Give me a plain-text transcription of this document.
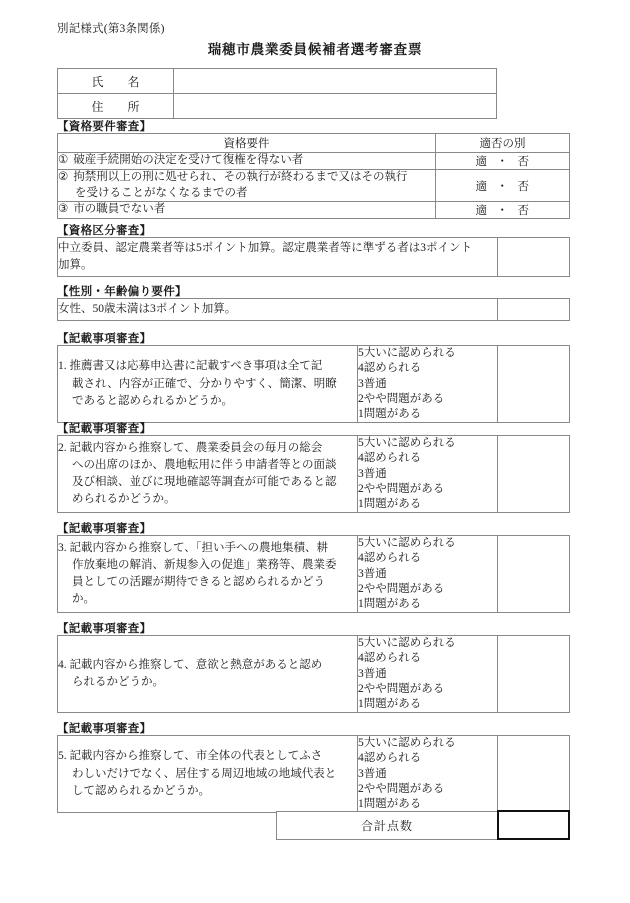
別記様式(第3条関係)
瑞穂市農業委員候補者選考審査票
氏　名	
住　所	
【資格要件審査】
資格要件	適否の別
① 破産手続開始の決定を受けて復権を得ない者	適 ・ 否
② 拘禁刑以上の刑に処せられ、その執行が終わるまで又はその執行
を受けることがなくなるまでの者	適 ・ 否
③ 市の職員でない者	適 ・ 否
【資格区分審査】
中立委員、認定農業者等は5ポイント加算。認定農業者等に準ずる者は3ポイント
加算。

【性別・年齢偏り要件】
女性、50歳未満は3ポイント加算。	
【記載事項審査】
1. 推薦書又は応募申込書に記載すべき事項は全て記
載され、内容が正確で、分かりやすく、簡潔、明瞭
であると認められるかどうか。

5大いに認められる
4認められる
3普通
2やや問題がある
1問題がある

【記載事項審査】
2. 記載内容から推察して、農業委員会の毎月の総会
への出席のほか、農地転用に伴う申請者等との面談
及び相談、並びに現地確認等調査が可能であると認
められるかどうか。

5大いに認められる
4認められる
3普通
2やや問題がある
1問題がある

【記載事項審査】
3. 記載内容から推察して、「担い手への農地集積、耕
作放棄地の解消、新規参入の促進」業務等、農業委
員としての活躍が期待できると認められるかどう
か。

5大いに認められる
4認められる
3普通
2やや問題がある
1問題がある

【記載事項審査】
4. 記載内容から推察して、意欲と熱意があると認め
られるかどうか。

5大いに認められる
4認められる
3普通
2やや問題がある
1問題がある

【記載事項審査】
5. 記載内容から推察して、市全体の代表としてふさ
わしいだけでなく、居住する周辺地域の地域代表と
して認められるかどうか。

5大いに認められる
4認められる
3普通
2やや問題がある
1問題がある

合計点数	
